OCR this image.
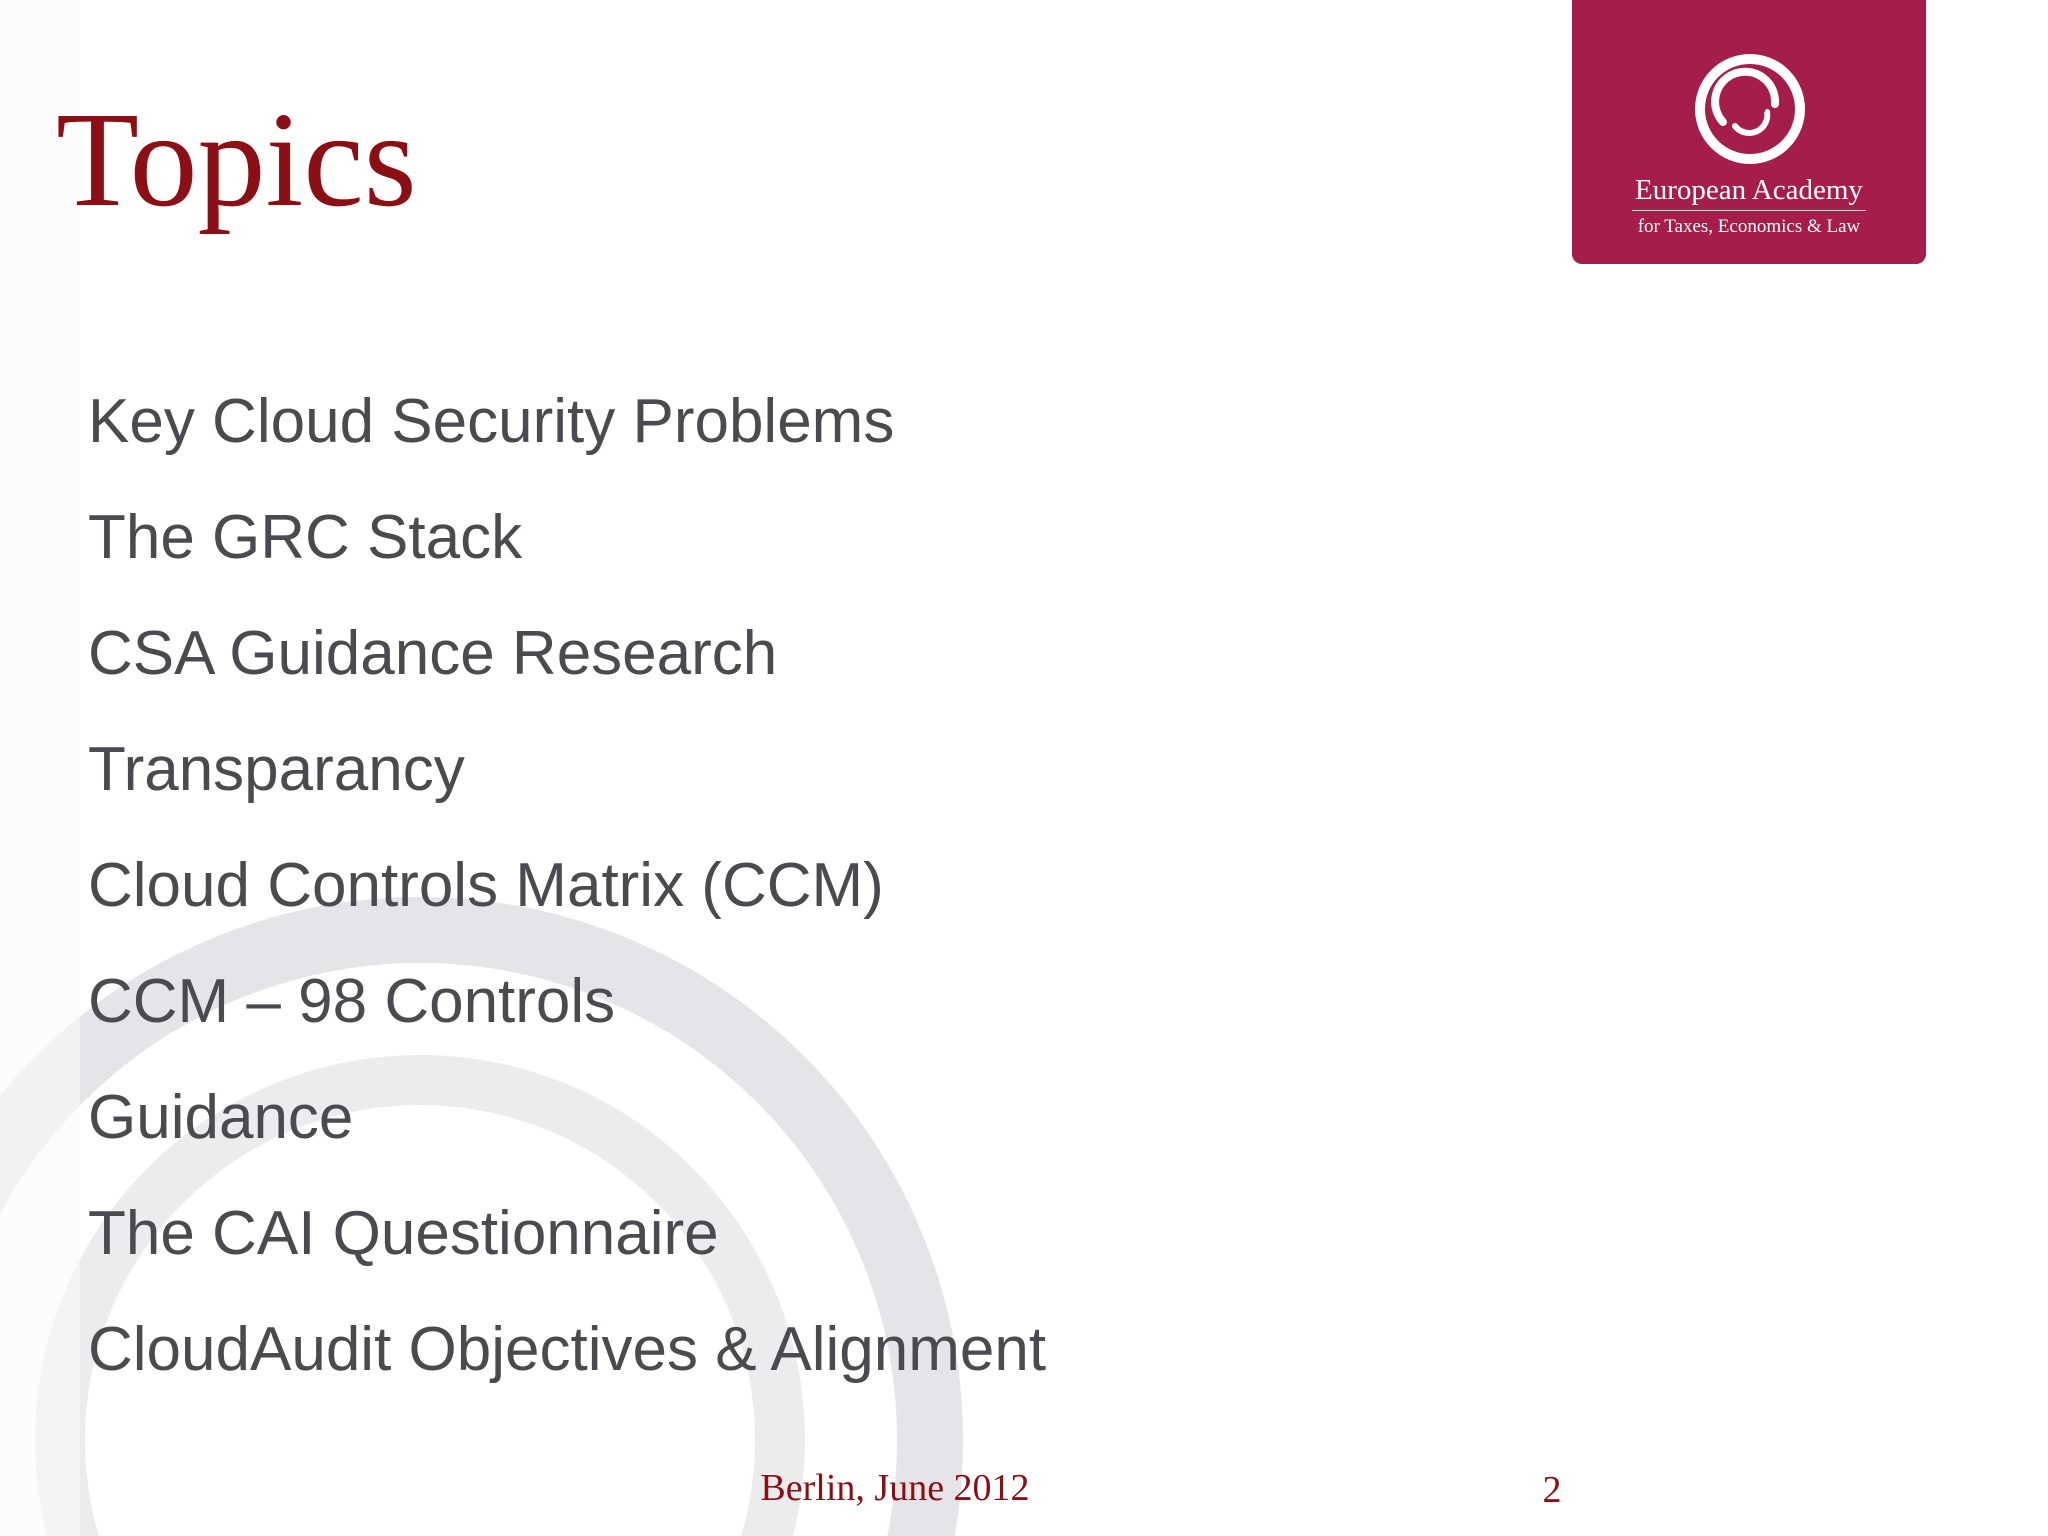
Topics	European Academy
for Taxes, Economics & Law
Key Cloud Security Problems
The GRC Stack
CSA Guidance Research
Transparancy
Cloud Controls Matrix (CCM)
CCM – 98 Controls
Guidance
The CAI Questionnaire
CloudAudit Objectives & Alignment
Berlin, June 2012	2
